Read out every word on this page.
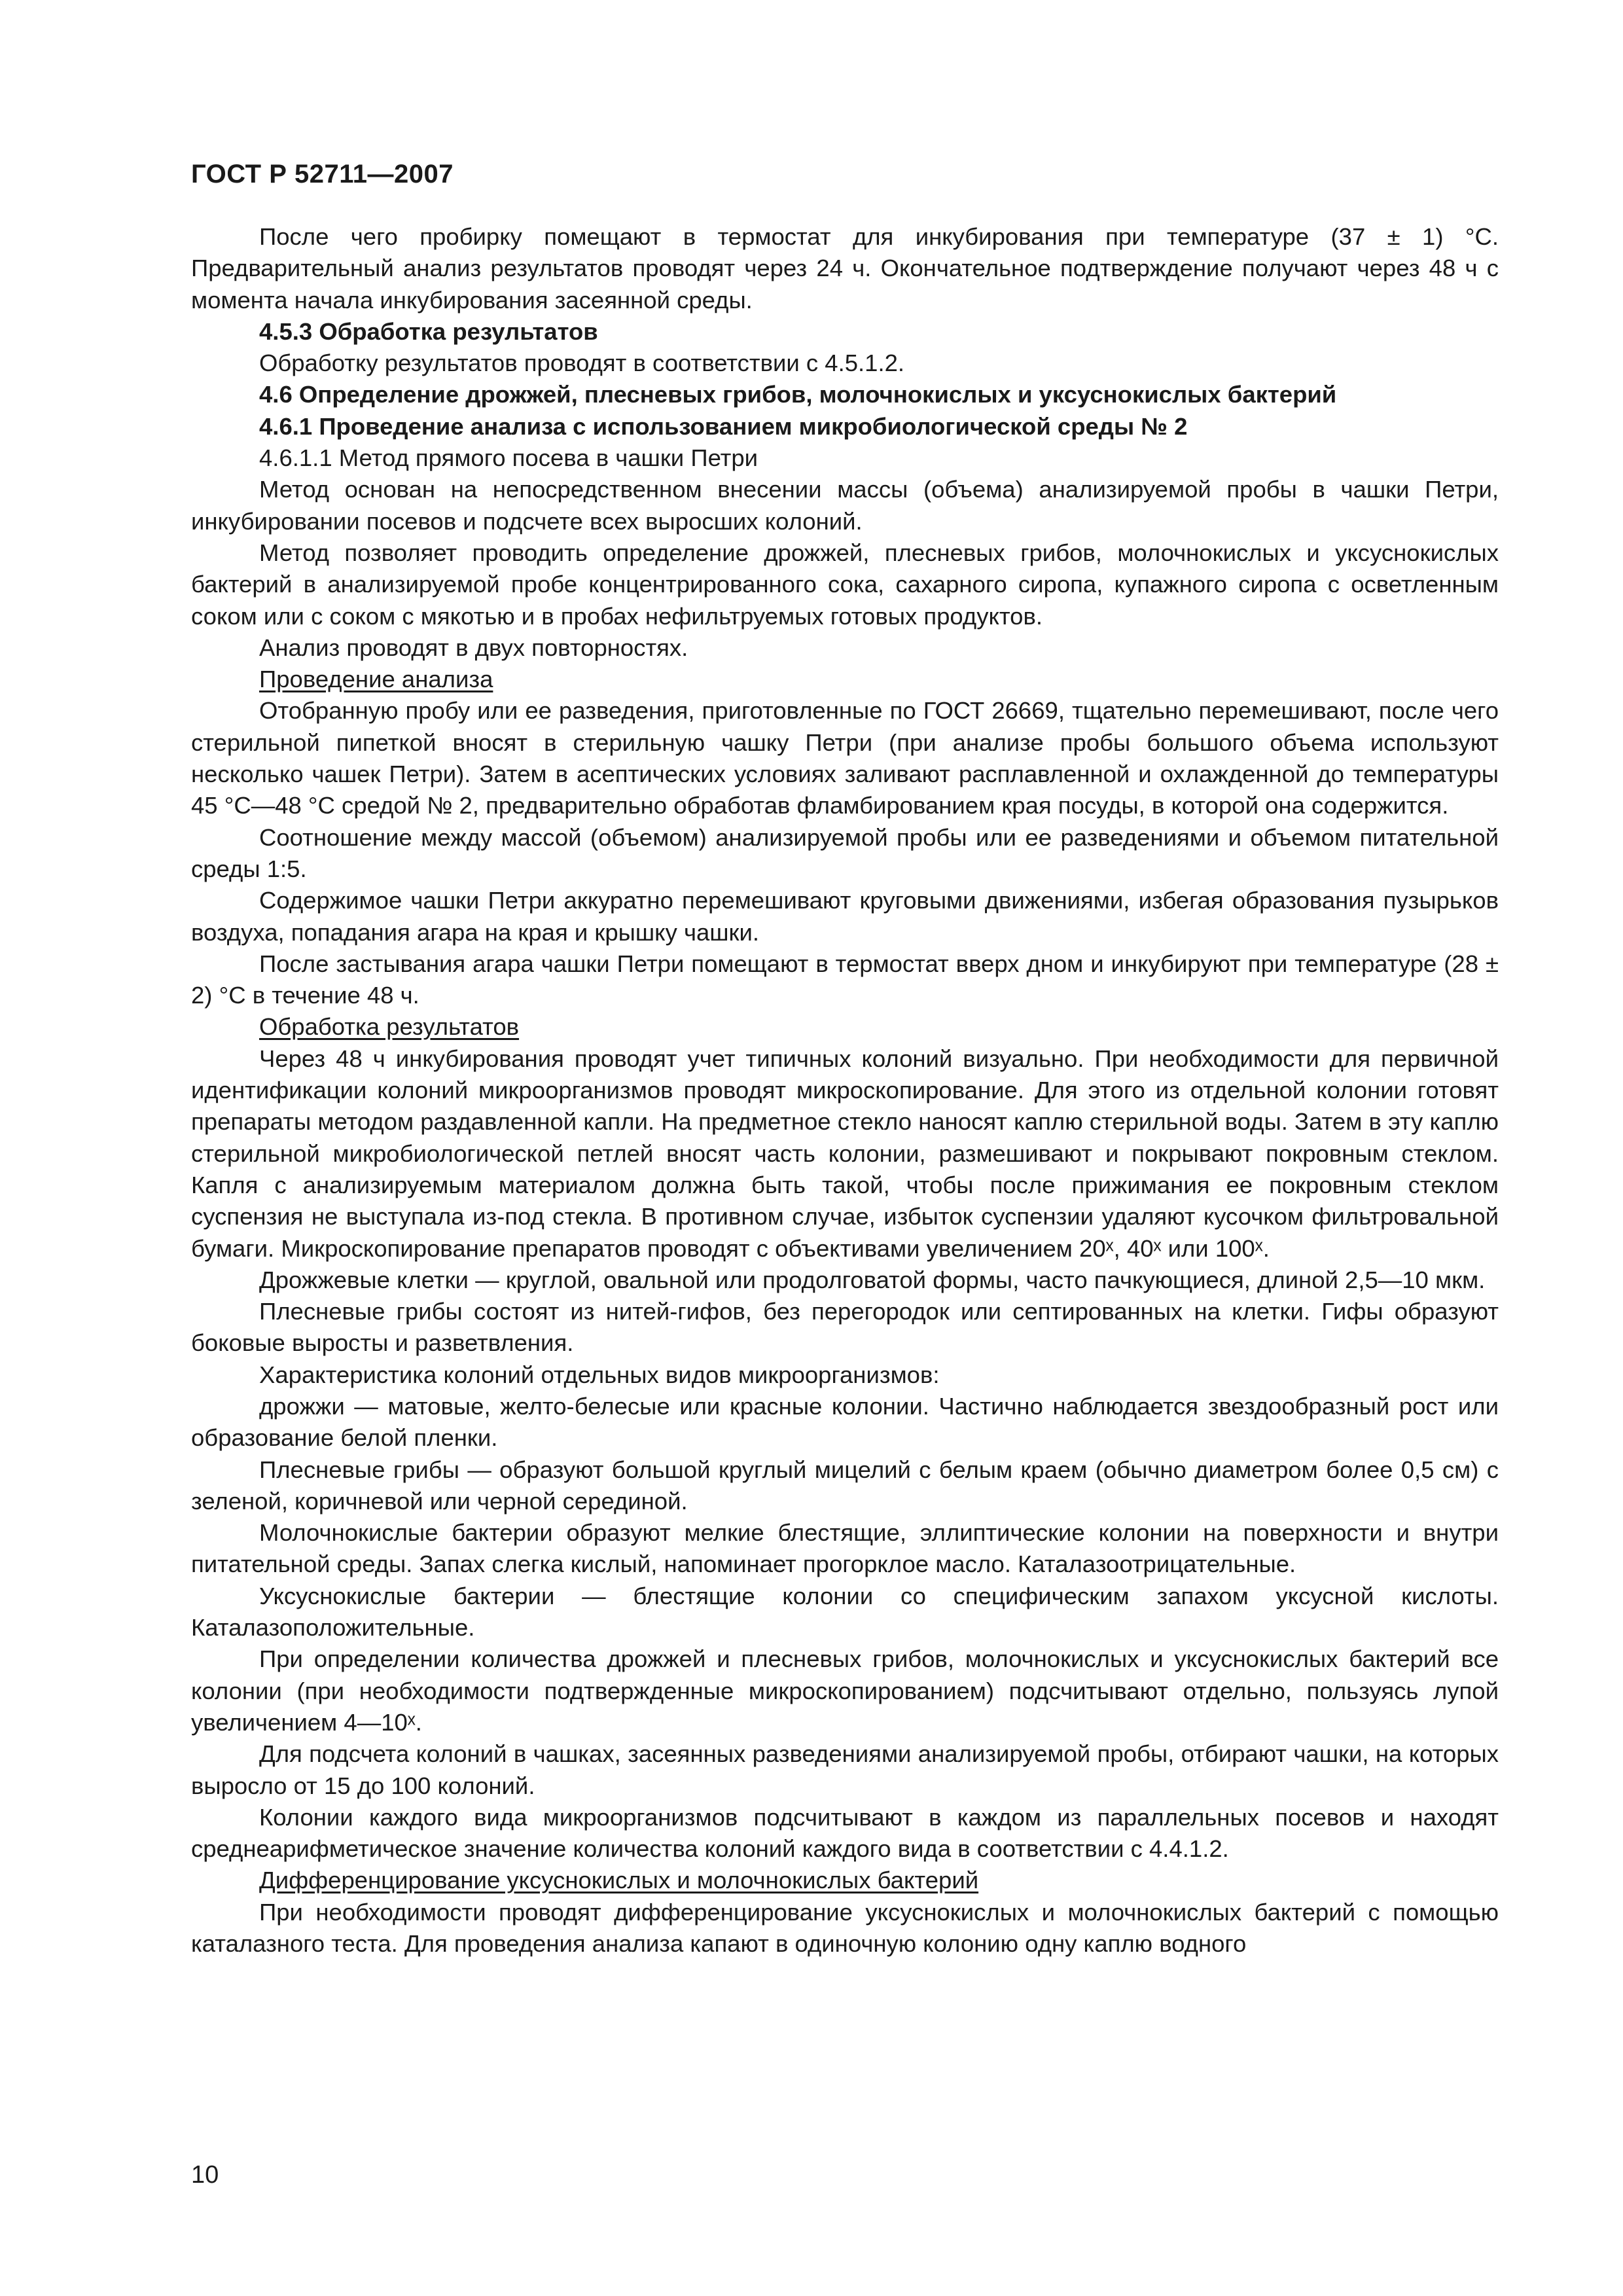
ГОСТ Р 52711—2007

После чего пробирку помещают в термостат для инкубирования при температуре (37 ± 1) °С. Предварительный анализ результатов проводят через 24 ч. Окончательное подтверждение получают через 48 ч с момента начала инкубирования засеянной среды.

4.5.3 Обработка результатов

Обработку результатов проводят в соответствии с 4.5.1.2.

4.6 Определение дрожжей, плесневых грибов, молочнокислых и уксуснокислых бактерий

4.6.1 Проведение анализа с использованием микробиологической среды № 2

4.6.1.1 Метод прямого посева в чашки Петри

Метод основан на непосредственном внесении массы (объема) анализируемой пробы в чашки Петри, инкубировании посевов и подсчете всех выросших колоний.

Метод позволяет проводить определение дрожжей, плесневых грибов, молочнокислых и уксуснокислых бактерий в анализируемой пробе концентрированного сока, сахарного сиропа, купажного сиропа с осветленным соком или с соком с мякотью и в пробах нефильтруемых готовых продуктов.

Анализ проводят в двух повторностях.

Проведение анализа

Отобранную пробу или ее разведения, приготовленные по ГОСТ 26669, тщательно перемешивают, после чего стерильной пипеткой вносят в стерильную чашку Петри (при анализе пробы большого объема используют несколько чашек Петри). Затем в асептических условиях заливают расплавленной и охлажденной до температуры 45 °С—48 °С средой № 2, предварительно обработав фламбированием края посуды, в которой она содержится.

Соотношение между массой (объемом) анализируемой пробы или ее разведениями и объемом питательной среды 1:5.

Содержимое чашки Петри аккуратно перемешивают круговыми движениями, избегая образования пузырьков воздуха, попадания агара на края и крышку чашки.

После застывания агара чашки Петри помещают в термостат вверх дном и инкубируют при температуре (28 ± 2) °С в течение 48 ч.

Обработка результатов

Через 48 ч инкубирования проводят учет типичных колоний визуально. При необходимости для первичной идентификации колоний микроорганизмов проводят микроскопирование. Для этого из отдельной колонии готовят препараты методом раздавленной капли. На предметное стекло наносят каплю стерильной воды. Затем в эту каплю стерильной микробиологической петлей вносят часть колонии, размешивают и покрывают покровным стеклом. Капля с анализируемым материалом должна быть такой, чтобы после прижимания ее покровным стеклом суспензия не выступала из-под стекла. В противном случае, избыток суспензии удаляют кусочком фильтровальной бумаги. Микроскопирование препаратов проводят с объективами увеличением 20ˣ, 40ˣ или 100ˣ.

Дрожжевые клетки — круглой, овальной или продолговатой формы, часто пачкующиеся, длиной 2,5—10 мкм.

Плесневые грибы состоят из нитей-гифов, без перегородок или септированных на клетки. Гифы образуют боковые выросты и разветвления.

Характеристика колоний отдельных видов микроорганизмов:

дрожжи — матовые, желто-белесые или красные колонии. Частично наблюдается звездообразный рост или образование белой пленки.

Плесневые грибы — образуют большой круглый мицелий с белым краем (обычно диаметром более 0,5 см) с зеленой, коричневой или черной серединой.

Молочнокислые бактерии образуют мелкие блестящие, эллиптические колонии на поверхности и внутри питательной среды. Запах слегка кислый, напоминает прогорклое масло. Каталазоотрицательные.

Уксуснокислые бактерии — блестящие колонии со специфическим запахом уксусной кислоты. Каталазоположительные.

При определении количества дрожжей и плесневых грибов, молочнокислых и уксуснокислых бактерий все колонии (при необходимости подтвержденные микроскопированием) подсчитывают отдельно, пользуясь лупой увеличением 4—10ˣ.

Для подсчета колоний в чашках, засеянных разведениями анализируемой пробы, отбирают чашки, на которых выросло от 15 до 100 колоний.

Колонии каждого вида микроорганизмов подсчитывают в каждом из параллельных посевов и находят среднеарифметическое значение количества колоний каждого вида в соответствии с 4.4.1.2.

Дифференцирование уксуснокислых и молочнокислых бактерий

При необходимости проводят дифференцирование уксуснокислых и молочнокислых бактерий с помощью каталазного теста. Для проведения анализа капают в одиночную колонию одну каплю водного

10
